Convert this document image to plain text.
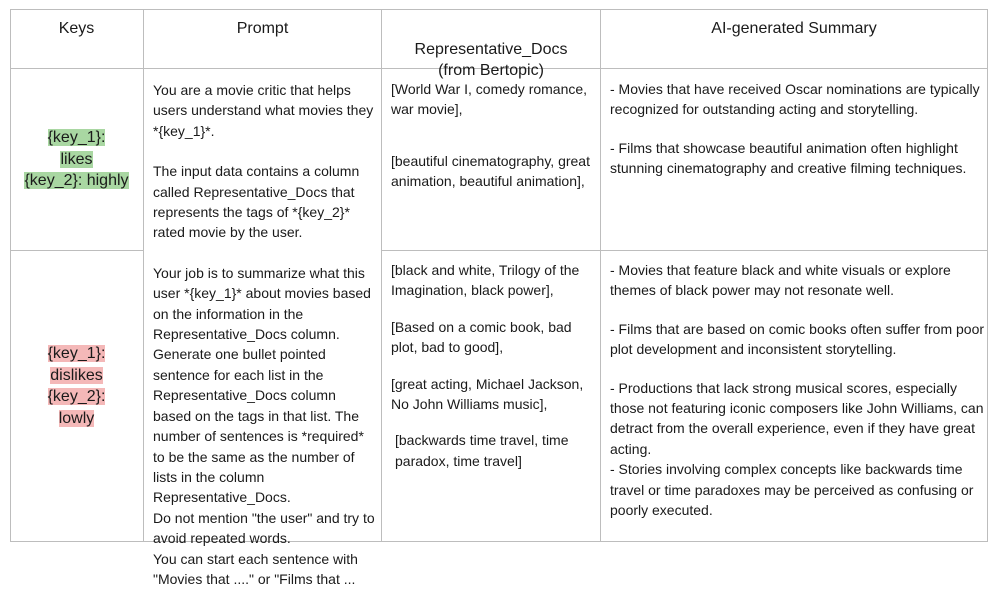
Keys	Prompt

Representative_Docs
(from Bertopic)

AI-generated Summary
{key_1}:
likes
{key_2}: highly
{key_1}:
dislikes
{key_2}:
lowly

You are a movie critic that helps users understand what movies they *{key_1}*.

The input data contains a column called Representative_Docs that represents the tags of *{key_2}* rated movie by the user.

Your job is to summarize what this user *{key_1}* about movies based on the information in the Representative_Docs column. Generate one bullet pointed sentence for each list in the Representative_Docs column based on the tags in that list. The number of sentences is *required* to be the same as the number of lists in the column Representative_Docs.

Do not mention "the user" and try to avoid repeated words.

You can start each sentence with "Movies that ...." or "Films that ...

[World War I, comedy romance, war movie],

[beautiful cinematography, great animation, beautiful animation],

- Movies that have received Oscar nominations are typically recognized for outstanding acting and storytelling.

- Films that showcase beautiful animation often highlight stunning cinematography and creative filming techniques.

[black and white, Trilogy of the Imagination, black power],

[Based on a comic book, bad plot, bad to good],

[great acting, Michael Jackson, No John Williams music],

[backwards time travel, time paradox, time travel]

- Movies that feature black and white visuals or explore themes of black power may not resonate well.

- Films that are based on comic books often suffer from poor plot development and inconsistent storytelling.

- Productions that lack strong musical scores, especially those not featuring iconic composers like John Williams, can detract from the overall experience, even if they have great acting.

- Stories involving complex concepts like backwards time travel or time paradoxes may be perceived as confusing or poorly executed.
